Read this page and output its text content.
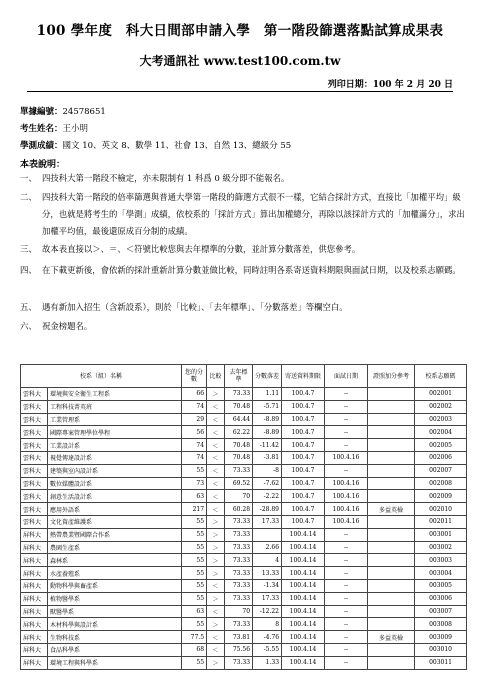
100 學年度　科大日間部申請入學　第一階段篩選落點試算成果表
大考通訊社 www.test100.com.tw
列印日期：100 年 2 月 20 日
單據編號：24578651
考生姓名：王小明
學測成績：國文 10、英文 8、數學 11、社會 13、自然 13、總級分 55
本表說明：
一、 四技科大第一階段不檢定，亦未限制有 1 科爲 0 級分即不能報名。
二、 四技科大第一階段的倍率篩選與普通大學第一階段的篩選方式很不一樣，它結合採計方式，直接比「加權平均」級分，也就是將考生的「學測」成績，依校系的「採計方式」算出加權總分，再除以該採計方式的「加權滿分」，求出加權平均值，最後還原成百分制的成績。
三、 故本表直接以＞、＝、＜符號比較您與去年標準的分數，並計算分數落差，供您參考。
四、 在下載更新後，會依新的採計重新計算分數並做比較，同時註明各系寄送資料期限與面試日期，以及校系志願碼。
五、 遇有新加入招生（含新設系），則於「比較」、「去年標準」、「分數落差」等欄空白。
六、 祝金榜題名。
校系（組）名稱		您的分數	比較	去年標準	分數落差	寄送資料期限	面試日期	證照加分參考	校系志願碼
雲科大	環境與安全衛生工程系	66	＞	73.33	1.11	100.4.7	--		002001
雲科大	工程科技菁英班	74	＜	70.48	-5.71	100.4.7	--		002002
雲科大	工業管理系	29	＜	64.44	-8.89	100.4.7	--		002003
雲科大	國際專案管理學位學程	56	＜	62.22	-8.89	100.4.7	--		002004
雲科大	工業設計系	74	＜	70.48	-11.42	100.4.7	--		002005
雲科大	視覺傳達設計系	74	＜	70.48	-3.81	100.4.7	100.4.16		002006
雲科大	建築與室內設計系	55	＜	73.33	-8	100.4.7	--		002007
雲科大	數位媒體設計系	73	＜	69.52	-7.62	100.4.7	100.4.16		002008
雲科大	創意生活設計系	63	＜	70	-2.22	100.4.7	100.4.16		002009
雲科大	應用外語系	217	＜	60.28	-28.89	100.4.7	100.4.16	多益英檢	002010
雲科大	文化資產維護系	55	＞	73.33	17.33	100.4.7	100.4.16		002011
屏科大	熱帶農業暨國際合作系	55	＞	73.33		100.4.14	--		003001
屏科大	農園生產系	55	＞	73.33	2.66	100.4.14	--		003002
屏科大	森林系	55	＞	73.33	4	100.4.14	--		003003
屏科大	水產養殖系	55	＞	73.33	13.33	100.4.14	--		003004
屏科大	動物科學與畜產系	55	＜	73.33	-1.34	100.4.14	--		003005
屏科大	植物醫學系	55	＞	73.33	17.33	100.4.14	--		003006
屏科大	獸醫學系	63	＜	70	-12.22	100.4.14	--		003007
屏科大	木材科學與設計系	55	＞	73.33	8	100.4.14	--		003008
屏科大	生物科技系	77.5	＜	73.81	-4.76	100.4.14	--	多益英檢	003009
屏科大	食品科學系	68	＜	75.56	-5.55	100.4.14	--		003010
屏科大	環境工程與科學系	55	＞	73.33	1.33	100.4.14	--		003011
